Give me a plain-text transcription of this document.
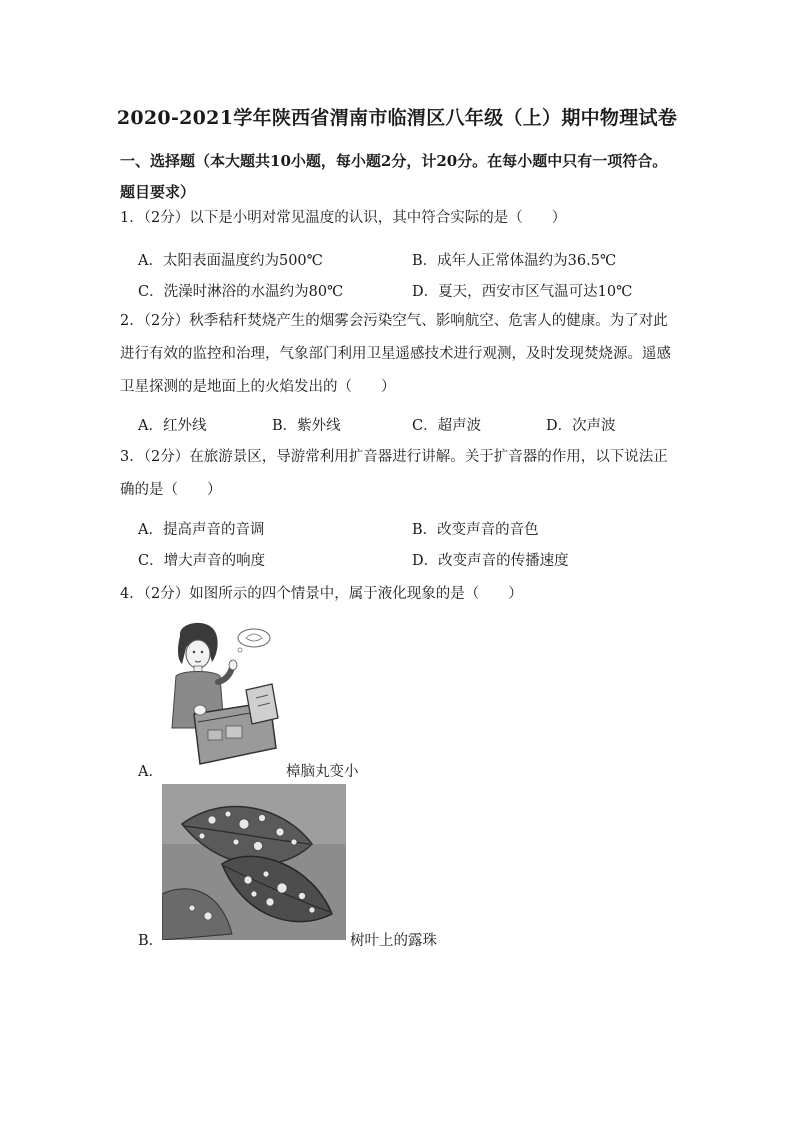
2020-2021学年陕西省渭南市临渭区八年级（上）期中物理试卷
一、选择题（本大题共10小题，每小题2分，计20分。在每小题中只有一项符合。题目要求）
1．（2分）以下是小明对常见温度的认识，其中符合实际的是（　　）
A．太阳表面温度约为500℃	B．成年人正常体温约为36.5℃
C．洗澡时淋浴的水温约为80℃	D．夏天，西安市区气温可达10℃
2．（2分）秋季秸秆焚烧产生的烟雾会污染空气、影响航空、危害人的健康。为了对此进行有效的监控和治理，气象部门利用卫星遥感技术进行观测，及时发现焚烧源。遥感卫星探测的是地面上的火焰发出的（　　）
A．红外线	B．紫外线	C．超声波	D．次声波
3．（2分）在旅游景区，导游常利用扩音器进行讲解。关于扩音器的作用，以下说法正确的是（　　）
A．提高声音的音调	B．改变声音的音色
C．增大声音的响度	D．改变声音的传播速度
4．（2分）如图所示的四个情景中，属于液化现象的是（　　）
A．	樟脑丸变小
B．	树叶上的露珠
